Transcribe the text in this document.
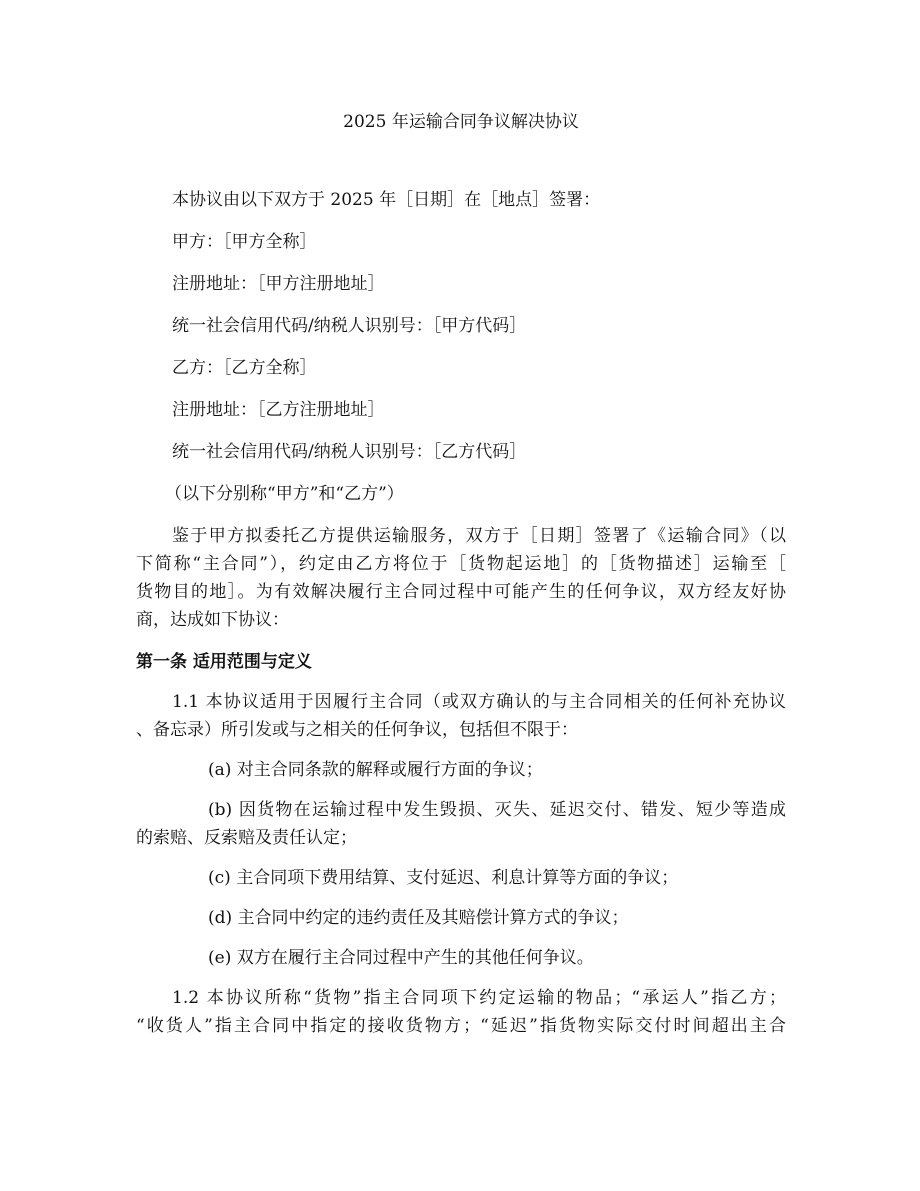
2025 年运输合同争议解决协议
本协议由以下双方于 2025 年［日期］在［地点］签署：
甲方：［甲方全称］
注册地址：［甲方注册地址］
统一社会信用代码/纳税人识别号：［甲方代码］
乙方：［乙方全称］
注册地址：［乙方注册地址］
统一社会信用代码/纳税人识别号：［乙方代码］
（以下分别称“甲方”和“乙方”）
鉴于甲方拟委托乙方提供运输服务，双方于［日期］签署了《运输合同》（以
下简称“主合同”），约定由乙方将位于［货物起运地］的［货物描述］运输至［
货物目的地］。为有效解决履行主合同过程中可能产生的任何争议，双方经友好协
商，达成如下协议：
第一条 适用范围与定义
1.1 本协议适用于因履行主合同（或双方确认的与主合同相关的任何补充协议
、备忘录）所引发或与之相关的任何争议，包括但不限于：
(a) 对主合同条款的解释或履行方面的争议；
(b) 因货物在运输过程中发生毁损、灭失、延迟交付、错发、短少等造成
的索赔、反索赔及责任认定；
(c) 主合同项下费用结算、支付延迟、利息计算等方面的争议；
(d) 主合同中约定的违约责任及其赔偿计算方式的争议；
(e) 双方在履行主合同过程中产生的其他任何争议。
1.2 本协议所称“货物”指主合同项下约定运输的物品；“承运人”指乙方；
“收货人”指主合同中指定的接收货物方；“延迟”指货物实际交付时间超出主合
